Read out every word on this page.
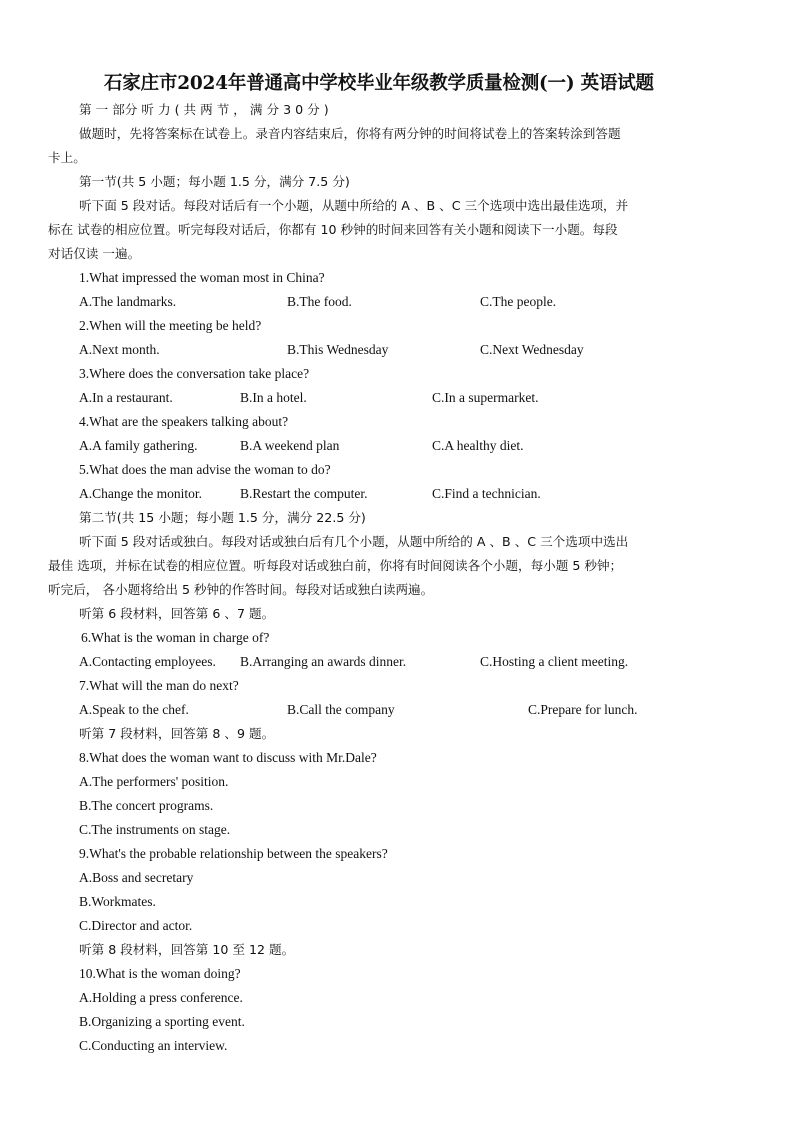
石家庄市2024年普通高中学校毕业年级教学质量检测(一) 英语试题
第 一 部分 听 力 ( 共 两 节 ， 满 分 3 0 分 )
做题时，先将答案标在试卷上。录音内容结束后，你将有两分钟的时间将试卷上的答案转涂到答题
卡上。
第一节(共 5 小题；每小题 1.5 分，满分 7.5 分)
听下面 5 段对话。每段对话后有一个小题，从题中所给的 A 、B 、C 三个选项中选出最佳选项，并
标在 试卷的相应位置。听完每段对话后，你都有 10 秒钟的时间来回答有关小题和阅读下一小题。每段
对话仅读 一遍。
1.What impressed the woman most in China?
A.The landmarks.	B.The food.	C.The people.
2.When will the meeting be held?
A.Next month.	B.This Wednesday	C.Next Wednesday
3.Where does the conversation take place?
A.In a restaurant.	B.In a hotel.	C.In a supermarket.
4.What are the speakers talking about?
A.A family gathering.	B.A weekend plan	C.A healthy diet.
5.What does the man advise the woman to do?
A.Change the monitor.	B.Restart the computer.	C.Find a technician.
第二节(共 15 小题；每小题 1.5 分，满分 22.5 分)
听下面 5 段对话或独白。每段对话或独白后有几个小题，从题中所给的 A 、B 、C 三个选项中选出
最佳 选项，并标在试卷的相应位置。听每段对话或独白前，你将有时间阅读各个小题，每小题 5 秒钟；
听完后， 各小题将给出 5 秒钟的作答时间。每段对话或独白读两遍。
听第 6 段材料，回答第 6 、7 题。
6.What is the woman in charge of?
A.Contacting employees. B.Arranging an awards dinner.	C.Hosting a client meeting.
7.What will the man do next?
A.Speak to the chef.	B.Call the company	C.Prepare for lunch.
听第 7 段材料，回答第 8 、9 题。
8.What does the woman want to discuss with Mr.Dale?
A.The performers' position.
B.The concert programs.
C.The instruments on stage.
9.What's the probable relationship between the speakers?
A.Boss and secretary
B.Workmates.
C.Director and actor.
听第 8 段材料，回答第 10 至 12 题。
10.What is the woman doing?
A.Holding a press conference.
B.Organizing a sporting event.
C.Conducting an interview.
